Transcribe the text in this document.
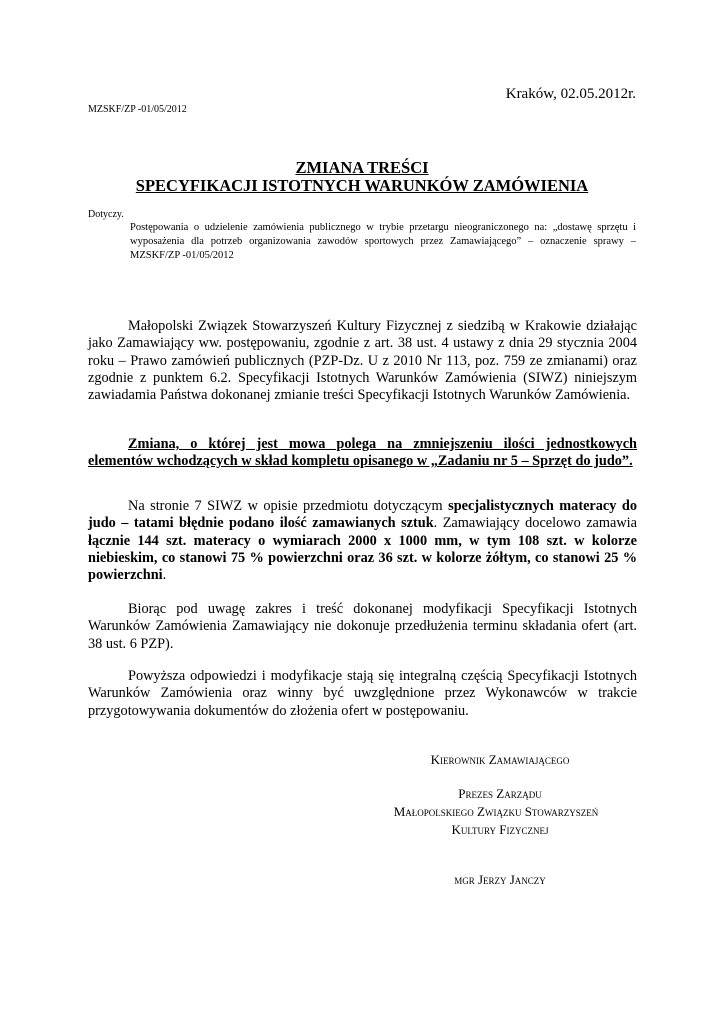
Kraków, 02.05.2012r.
MZSKF/ZP -01/05/2012
ZMIANA TREŚCI
SPECYFIKACJI ISTOTNYCH WARUNKÓW ZAMÓWIENIA
Dotyczy.
Postępowania o udzielenie zamówienia publicznego w trybie przetargu nieograniczonego na: „dostawę sprzętu i wyposażenia dla potrzeb organizowania zawodów sportowych przez Zamawiającego” – oznaczenie sprawy – MZSKF/ZP -01/05/2012
Małopolski Związek Stowarzyszeń Kultury Fizycznej z siedzibą w Krakowie działając jako Zamawiający ww. postępowaniu, zgodnie z art. 38 ust. 4 ustawy z dnia 29 stycznia 2004 roku – Prawo zamówień publicznych (PZP-Dz. U z 2010 Nr 113, poz. 759 ze zmianami) oraz zgodnie z punktem 6.2. Specyfikacji Istotnych Warunków Zamówienia (SIWZ) niniejszym zawiadamia Państwa dokonanej zmianie treści Specyfikacji Istotnych Warunków Zamówienia.
Zmiana, o której jest mowa polega na zmniejszeniu ilości jednostkowych elementów wchodzących w skład kompletu opisanego w „Zadaniu nr 5 – Sprzęt do judo”.
Na stronie 7 SIWZ w opisie przedmiotu dotyczącym specjalistycznych materacy do judo – tatami błędnie podano ilość zamawianych sztuk. Zamawiający docelowo zamawia łącznie 144 szt. materacy o wymiarach 2000 x 1000 mm, w tym 108 szt. w kolorze niebieskim, co stanowi 75 % powierzchni oraz 36 szt. w kolorze żółtym, co stanowi 25 % powierzchni.
Biorąc pod uwagę zakres i treść dokonanej modyfikacji Specyfikacji Istotnych Warunków Zamówienia Zamawiający nie dokonuje przedłużenia terminu składania ofert (art. 38 ust. 6 PZP).
Powyższa odpowiedzi i modyfikacje stają się integralną częścią Specyfikacji Istotnych Warunków Zamówienia oraz winny być uwzględnione przez Wykonawców w trakcie przygotowywania dokumentów do złożenia ofert w postępowaniu.
Kierownik Zamawiającego
Prezes Zarządu
Małopolskiego Związku Stowarzyszeń
Kultury Fizycznej
mgr Jerzy Janczy
